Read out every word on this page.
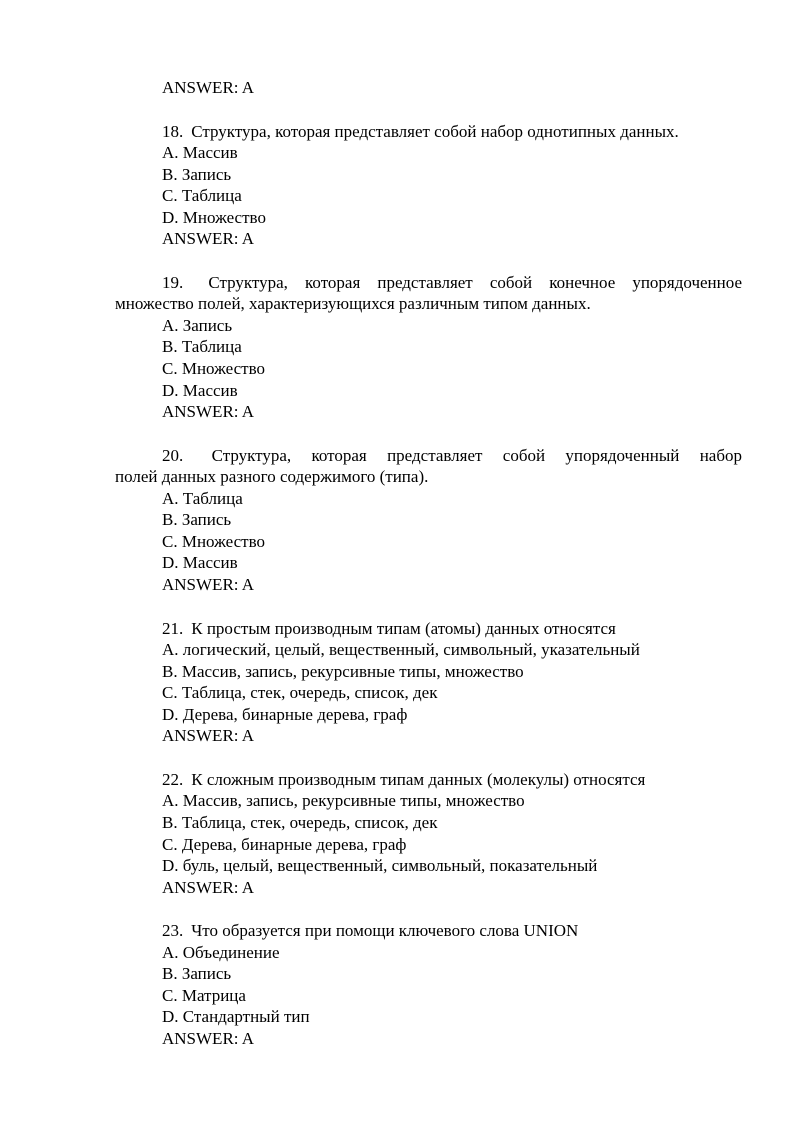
ANSWER: A
18. Структура, которая представляет собой набор однотипных данных.
A. Массив
B. Запись
C. Таблица
D. Множество
ANSWER: A
19. Структура, которая представляет собой конечное упорядоченное
множество полей, характеризующихся различным типом данных.
A. Запись
B. Таблица
C. Множество
D. Массив
ANSWER: A
20. Структура, которая представляет собой упорядоченный набор
полей данных разного содержимого (типа).
A. Таблица
B. Запись
C. Множество
D. Массив
ANSWER: A
21. К простым производным типам (атомы) данных относятся
A. логический, целый, вещественный, символьный, указательный
B. Массив, запись, рекурсивные типы, множество
C. Таблица, стек, очередь, список, дек
D. Дерева, бинарные дерева, граф
ANSWER: A
22. К сложным производным типам данных (молекулы) относятся
A. Массив, запись, рекурсивные типы, множество
B. Таблица, стек, очередь, список, дек
C. Дерева, бинарные дерева, граф
D. буль, целый, вещественный, символьный, показательный
ANSWER: A
23. Что образуется при помощи ключевого слова UNION
A. Объединение
B. Запись
C. Матрица
D. Стандартный тип
ANSWER: A
